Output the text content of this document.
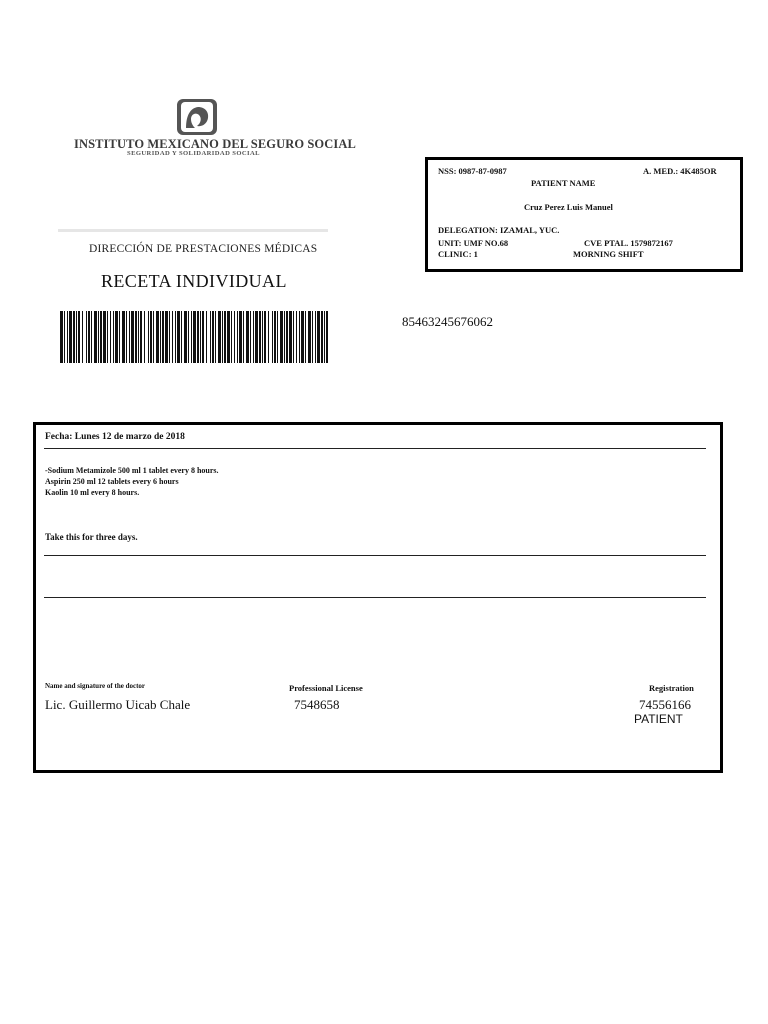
INSTITUTO MEXICANO DEL SEGURO SOCIAL
SEGURIDAD Y SOLIDARIDAD SOCIAL
DIRECCIÓN DE PRESTACIONES MÉDICAS
RECETA INDIVIDUAL
85463245676062
NSS: 0987-87-0987	A. MED.: 4K485OR
PATIENT NAME
Cruz Perez Luis Manuel
DELEGATION: IZAMAL, YUC.
UNIT: UMF NO.68	CVE PTAL. 1579872167
CLINIC: 1	MORNING SHIFT
Fecha: Lunes 12 de marzo de 2018
-Sodium Metamizole 500 ml 1 tablet every 8 hours.
Aspirin 250 ml 12 tablets every 6 hours
Kaolin 10 ml every 8 hours.
Take this for three days.
Name and signature of the doctor	Professional License	Registration
Lic. Guillermo Uicab Chale	7548658	74556166
PATIENT
